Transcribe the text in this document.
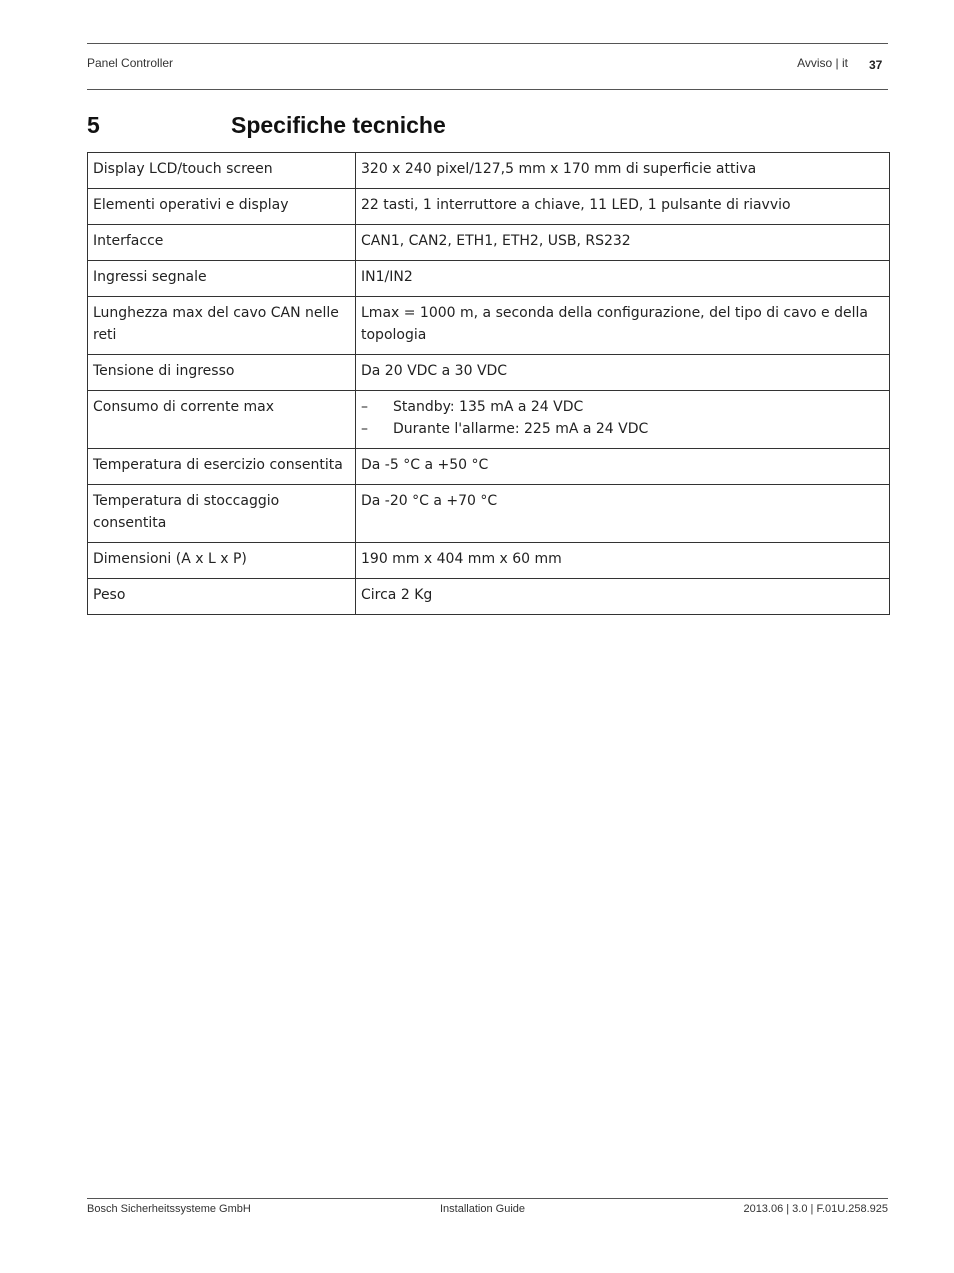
Panel Controller	Avviso | it 37
5	Specifiche tecniche
Display LCD/touch screen	320 x 240 pixel/127,5 mm x 170 mm di superficie attiva
Elementi operativi e display	22 tasti, 1 interruttore a chiave, 11 LED, 1 pulsante di riavvio
Interfacce	CAN1, CAN2, ETH1, ETH2, USB, RS232
Ingressi segnale	IN1/IN2
Lunghezza max del cavo CAN nelle reti	Lmax = 1000 m, a seconda della configurazione, del tipo di cavo e della topologia
Tensione di ingresso	Da 20 VDC a 30 VDC
Consumo di corrente max	– Standby: 135 mA a 24 VDC
– Durante l'allarme: 225 mA a 24 VDC

Temperatura di esercizio consentita	Da -5 °C a +50 °C
Temperatura di stoccaggio consentita	Da -20 °C a +70 °C
Dimensioni (A x L x P)	190 mm x 404 mm x 60 mm
Peso	Circa 2 Kg
Bosch Sicherheitssysteme GmbH	Installation Guide	2013.06 | 3.0 | F.01U.258.925
